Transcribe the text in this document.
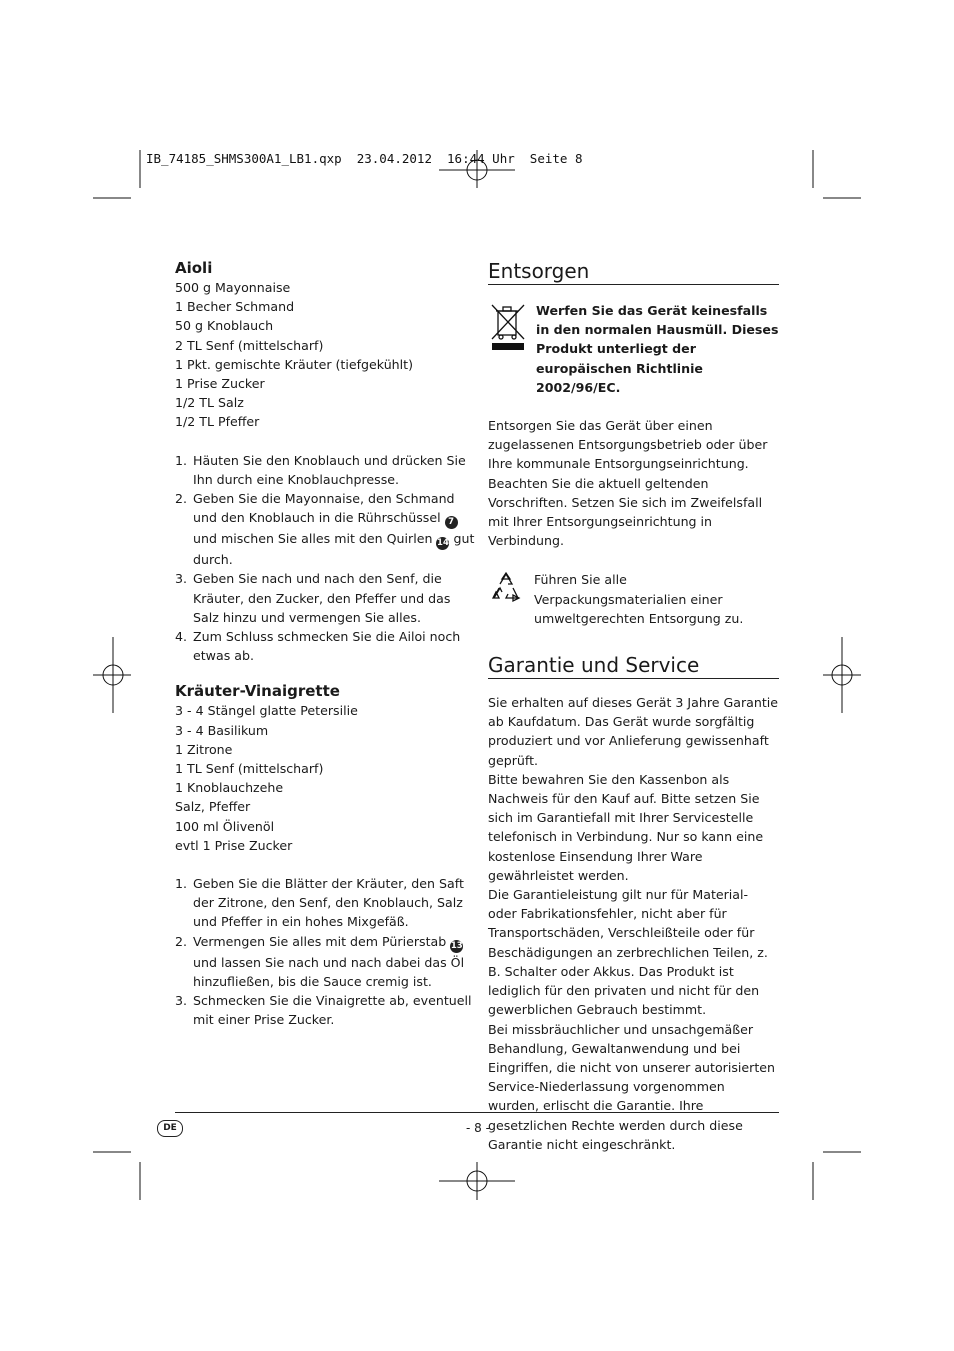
IB_74185_SHMS300A1_LB1.qxp  23.04.2012  16:44 Uhr  Seite 8
Aioli
500 g Mayonnaise
1 Becher Schmand
50 g Knoblauch
2 TL Senf (mittelscharf)
1 Pkt. gemischte Kräuter (tiefgekühlt)
1 Prise Zucker
1/2 TL Salz
1/2 TL Pfeffer
1. Häuten Sie den Knoblauch und drücken Sie Ihn durch eine Knoblauchpresse.
2. Geben Sie die Mayonnaise, den Schmand und den Knoblauch in die Rührschüssel 7 und mischen Sie alles mit den Quirlen 14 gut durch.
3. Geben Sie nach und nach den Senf, die Kräuter, den Zucker, den Pfeffer und das Salz hinzu und vermengen Sie alles.
4. Zum Schluss schmecken Sie die Ailoi noch etwas ab.
Kräuter-Vinaigrette
3 - 4 Stängel glatte Petersilie
3 - 4 Basilikum
1 Zitrone
1 TL Senf (mittelscharf)
1 Knoblauchzehe
Salz, Pfeffer
100 ml Ölivenöl
evtl 1 Prise Zucker
1. Geben Sie die Blätter der Kräuter, den Saft der Zitrone, den Senf, den Knoblauch, Salz und Pfeffer in ein hohes Mixgefäß.
2. Vermengen Sie alles mit dem Pürierstab 13 und lassen Sie nach und nach dabei das Öl hinzufließen, bis die Sauce cremig ist.
3. Schmecken Sie die Vinaigrette ab, eventuell mit einer Prise Zucker.
Entsorgen
Werfen Sie das Gerät keinesfalls in den normalen Hausmüll. Dieses Produkt unterliegt der europäischen Richtlinie 2002/96/EC.

Entsorgen Sie das Gerät über einen zugelassenen Entsorgungsbetrieb oder über Ihre kommunale Entsorgungseinrichtung.

Beachten Sie die aktuell geltenden Vorschriften. Setzen Sie sich im Zweifelsfall mit Ihrer Entsorgungseinrichtung in Verbindung.

Führen Sie alle Verpackungsmaterialien einer umweltgerechten Entsorgung zu.
Garantie und Service

Sie erhalten auf dieses Gerät 3 Jahre Garantie ab Kaufdatum. Das Gerät wurde sorgfältig produziert und vor Anlieferung gewissenhaft geprüft.

Bitte bewahren Sie den Kassenbon als Nachweis für den Kauf auf. Bitte setzen Sie sich im Garantiefall mit Ihrer Servicestelle telefonisch in Verbindung. Nur so kann eine kostenlose Einsendung Ihrer Ware gewährleistet werden.

Die Garantieleistung gilt nur für Material- oder Fabrikationsfehler, nicht aber für Transportschäden, Verschleißteile oder für Beschädigungen an zerbrechlichen Teilen, z. B. Schalter oder Akkus. Das Produkt ist lediglich für den privaten und nicht für den gewerblichen Gebrauch bestimmt.

Bei missbräuchlicher und unsachgemäßer Behandlung, Gewaltanwendung und bei Eingriffen, die nicht von unserer autorisierten Service-Niederlassung vorgenommen wurden, erlischt die Garantie. Ihre gesetzlichen Rechte werden durch diese Garantie nicht eingeschränkt.

DE	- 8 -
